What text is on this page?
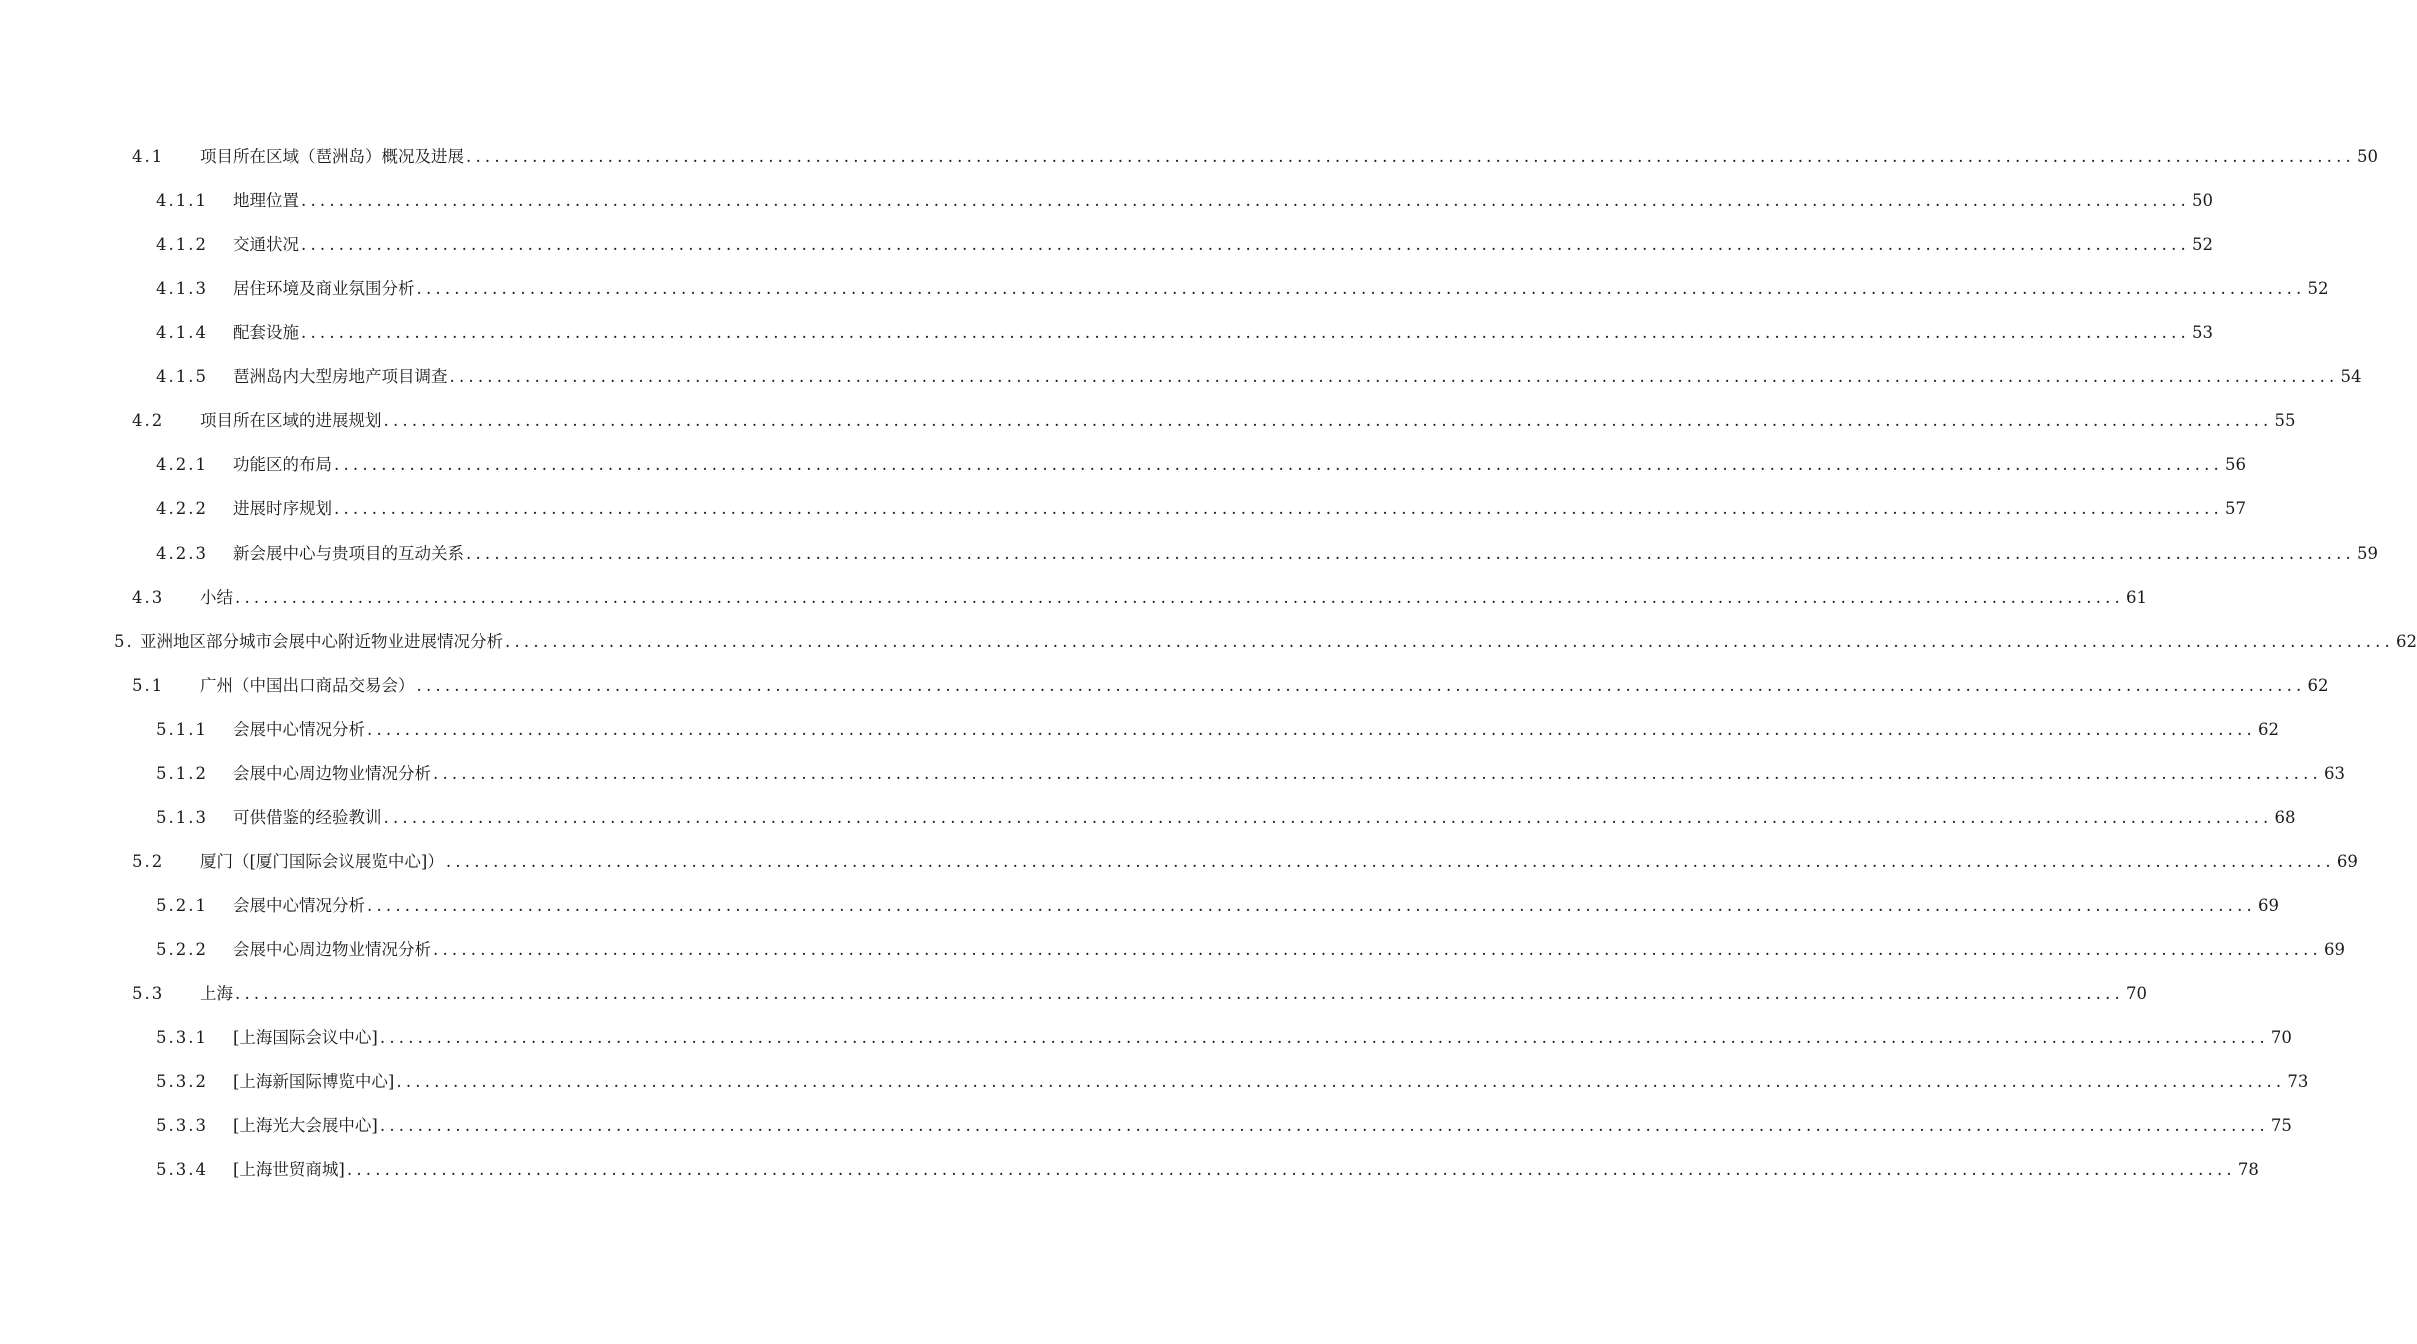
4.1	项目所在区域（琶洲岛）概况及进展 ........................................................................................................................................................................................................ 50
4.1.1	地理位置 ........................................................................................................................................................................................................ 50
4.1.2	交通状况 ........................................................................................................................................................................................................ 52
4.1.3	居住环境及商业氛围分析 ........................................................................................................................................................................................................ 52
4.1.4	配套设施 ........................................................................................................................................................................................................ 53
4.1.5	琶洲岛内大型房地产项目调查 ........................................................................................................................................................................................................ 54
4.2	项目所在区域的进展规划 ........................................................................................................................................................................................................ 55
4.2.1	功能区的布局 ........................................................................................................................................................................................................ 56
4.2.2	进展时序规划 ........................................................................................................................................................................................................ 57
4.2.3	新会展中心与贵项目的互动关系 ........................................................................................................................................................................................................ 59
4.3	小结 ........................................................................................................................................................................................................ 61
5. 亚洲地区部分城市会展中心附近物业进展情况分析 ........................................................................................................................................................................................................ 62
5.1	广州（中国出口商品交易会） ........................................................................................................................................................................................................ 62
5.1.1	会展中心情况分析 ........................................................................................................................................................................................................ 62
5.1.2	会展中心周边物业情况分析 ........................................................................................................................................................................................................ 63
5.1.3	可供借鉴的经验教训 ........................................................................................................................................................................................................ 68
5.2	厦门（[厦门国际会议展览中心]） ........................................................................................................................................................................................................ 69
5.2.1	会展中心情况分析 ........................................................................................................................................................................................................ 69
5.2.2	会展中心周边物业情况分析 ........................................................................................................................................................................................................ 69
5.3	上海 ........................................................................................................................................................................................................ 70
5.3.1	[上海国际会议中心] ........................................................................................................................................................................................................ 70
5.3.2	[上海新国际博览中心] ........................................................................................................................................................................................................ 73
5.3.3	[上海光大会展中心] ........................................................................................................................................................................................................ 75
5.3.4	[上海世贸商城] ........................................................................................................................................................................................................ 78
